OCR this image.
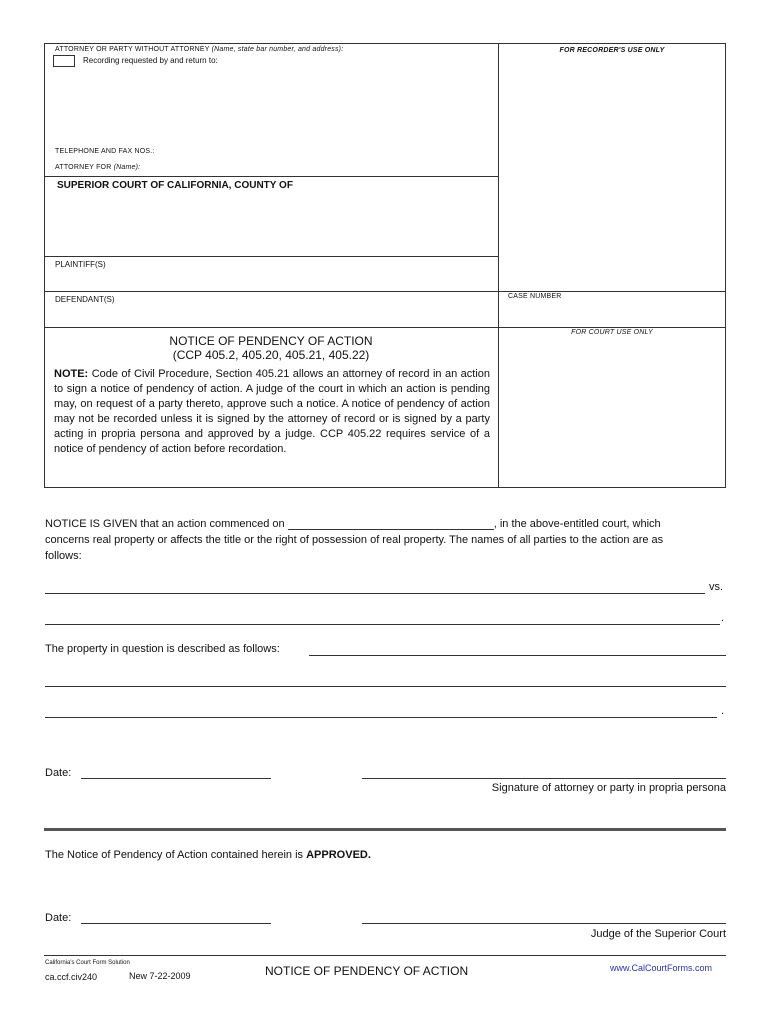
ATTORNEY OR PARTY WITHOUT ATTORNEY (Name, state bar number, and address):
Recording requested by and return to:
FOR RECORDER'S USE ONLY
TELEPHONE AND FAX NOS.:
ATTORNEY FOR (Name):
SUPERIOR COURT OF CALIFORNIA, COUNTY OF
PLAINTIFF(S)
DEFENDANT(S)	CASE NUMBER
FOR COURT USE ONLY
NOTICE OF PENDENCY OF ACTION
(CCP 405.2, 405.20, 405.21, 405.22)
NOTE: Code of Civil Procedure, Section 405.21 allows an attorney of record in an action to sign a notice of pendency of action. A judge of the court in which an action is pending may, on request of a party thereto, approve such a notice. A notice of pendency of action may not be recorded unless it is signed by the attorney of record or is signed by a party acting in propria persona and approved by a judge. CCP 405.22 requires service of a notice of pendency of action before recordation.
NOTICE IS GIVEN that an action commenced on	, in the above-entitled court, which
concerns real property or affects the title or the right of possession of real property. The names of all parties to the action are as
follows:
vs.
.
The property in question is described as follows:
.
Date:
Signature of attorney or party in propria persona
The Notice of Pendency of Action contained herein is APPROVED.
Date:
Judge of the Superior Court
California's Court Form Solution
ca.ccf.civ240	New 7-22-2009	NOTICE OF PENDENCY OF ACTION	www.CalCourtForms.com
